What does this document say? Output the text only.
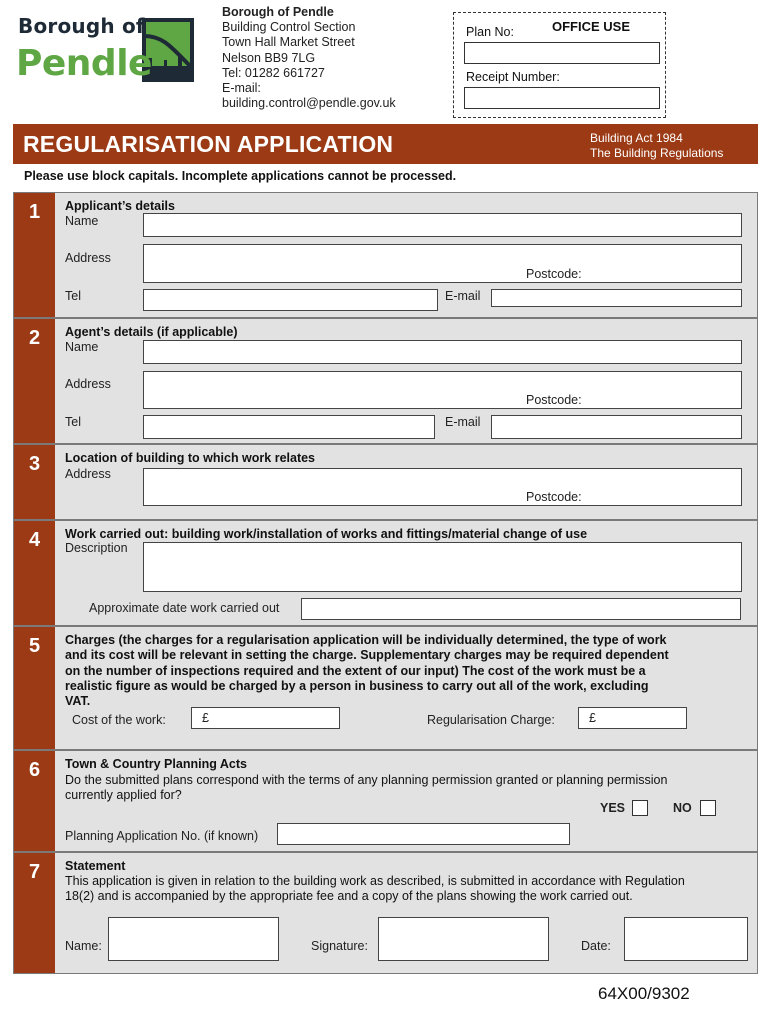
Borough of
Pendle
Borough of Pendle
Building Control Section
Town Hall Market Street
Nelson BB9 7LG
Tel: 01282 661727
E-mail:
building.control@pendle.gov.uk
OFFICE USE
Plan No:
Receipt Number:
REGULARISATION APPLICATION	Building Act 1984
The Building Regulations
Please use block capitals. Incomplete applications cannot be processed.
1	Applicant’s details
Name
Address
Postcode:
Tel	E-mail
2	Agent’s details (if applicable)
Name
Address
Postcode:
Tel	E-mail
3	Location of building to which work relates
Address
Postcode:
4	Work carried out: building work/installation of works and fittings/material change of use
Description
Approximate date work carried out
5	Charges (the charges for a regularisation application will be individually determined, the type of work
and its cost will be relevant in setting the charge. Supplementary charges may be required dependent
on the number of inspections required and the extent of our input) The cost of the work must be a
realistic figure as would be charged by a person in business to carry out all of the work, excluding
VAT.
Cost of the work:	£	Regularisation Charge:	£
6	Town & Country Planning Acts
Do the submitted plans correspond with the terms of any planning permission granted or planning permission
currently applied for?
YES	NO
Planning Application No. (if known)
7	Statement
This application is given in relation to the building work as described, is submitted in accordance with Regulation
18(2) and is accompanied by the appropriate fee and a copy of the plans showing the work carried out.
Name:	Signature:	Date:
64X00/9302
